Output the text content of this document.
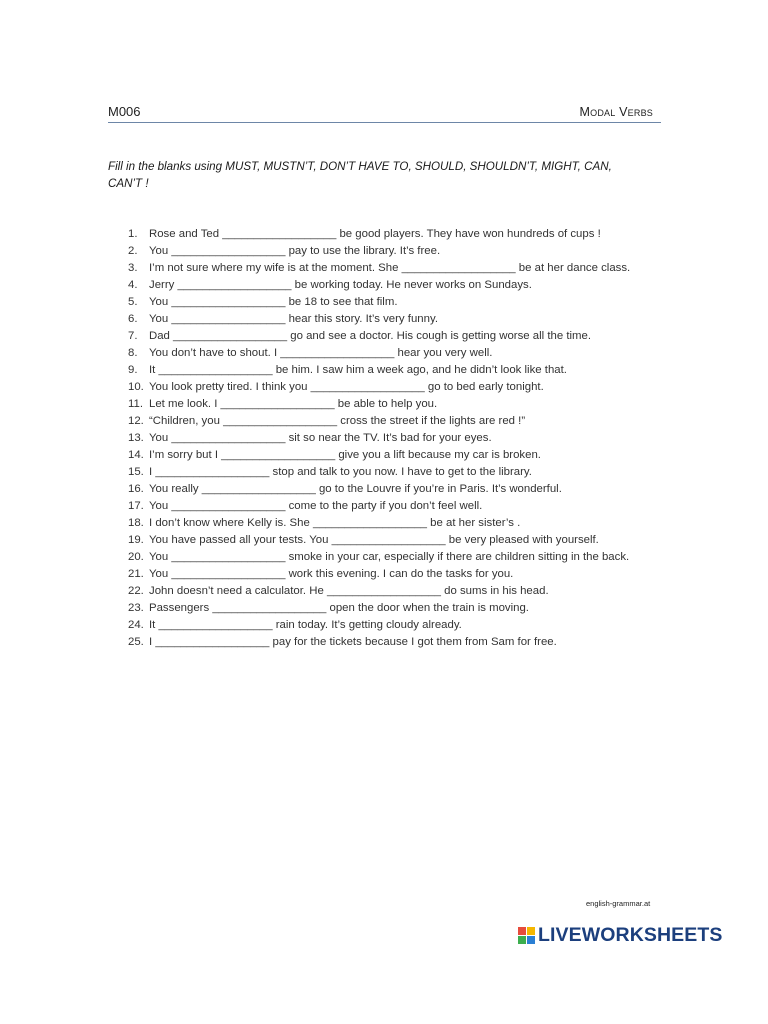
M006	Modal Verbs
Fill in the blanks using MUST, MUSTN’T, DON’T HAVE TO, SHOULD, SHOULDN’T, MIGHT, CAN, CAN’T !
1. Rose and Ted __________________ be good players. They have won hundreds of cups !
2. You __________________ pay to use the library. It’s free.
3. I’m not sure where my wife is at the moment. She __________________ be at her dance class.
4. Jerry __________________ be working today. He never works on Sundays.
5. You __________________ be 18 to see that film.
6. You __________________ hear this story. It’s very funny.
7. Dad __________________ go and see a doctor. His cough is getting worse all the time.
8. You don’t have to shout. I __________________ hear you very well.
9. It __________________ be him. I saw him a week ago, and he didn’t look like that.
10. You look pretty tired. I think you __________________ go to bed early tonight.
11. Let me look. I __________________ be able to help you.
12. “Children, you __________________ cross the street if the lights are red !”
13. You __________________ sit so near the TV. It’s bad for your eyes.
14. I’m sorry but I __________________ give you a lift because my car is broken.
15. I __________________ stop and talk to you now. I have to get to the library.
16. You really __________________ go to the Louvre if you’re in Paris. It’s wonderful.
17. You __________________ come to the party if you don’t feel well.
18. I don’t know where Kelly is. She __________________ be at her sister’s .
19. You have passed all your tests. You __________________ be very pleased with yourself.
20. You __________________ smoke in your car, especially if there are children sitting in the back.
21. You __________________ work this evening. I can do the tasks for you.
22. John doesn’t need a calculator. He __________________ do sums in his head.
23. Passengers __________________ open the door when the train is moving.
24. It __________________ rain today. It’s getting cloudy already.
25. I __________________ pay for the tickets because I got them from Sam for free.
english-grammar.at
LIVEWORKSHEETS
